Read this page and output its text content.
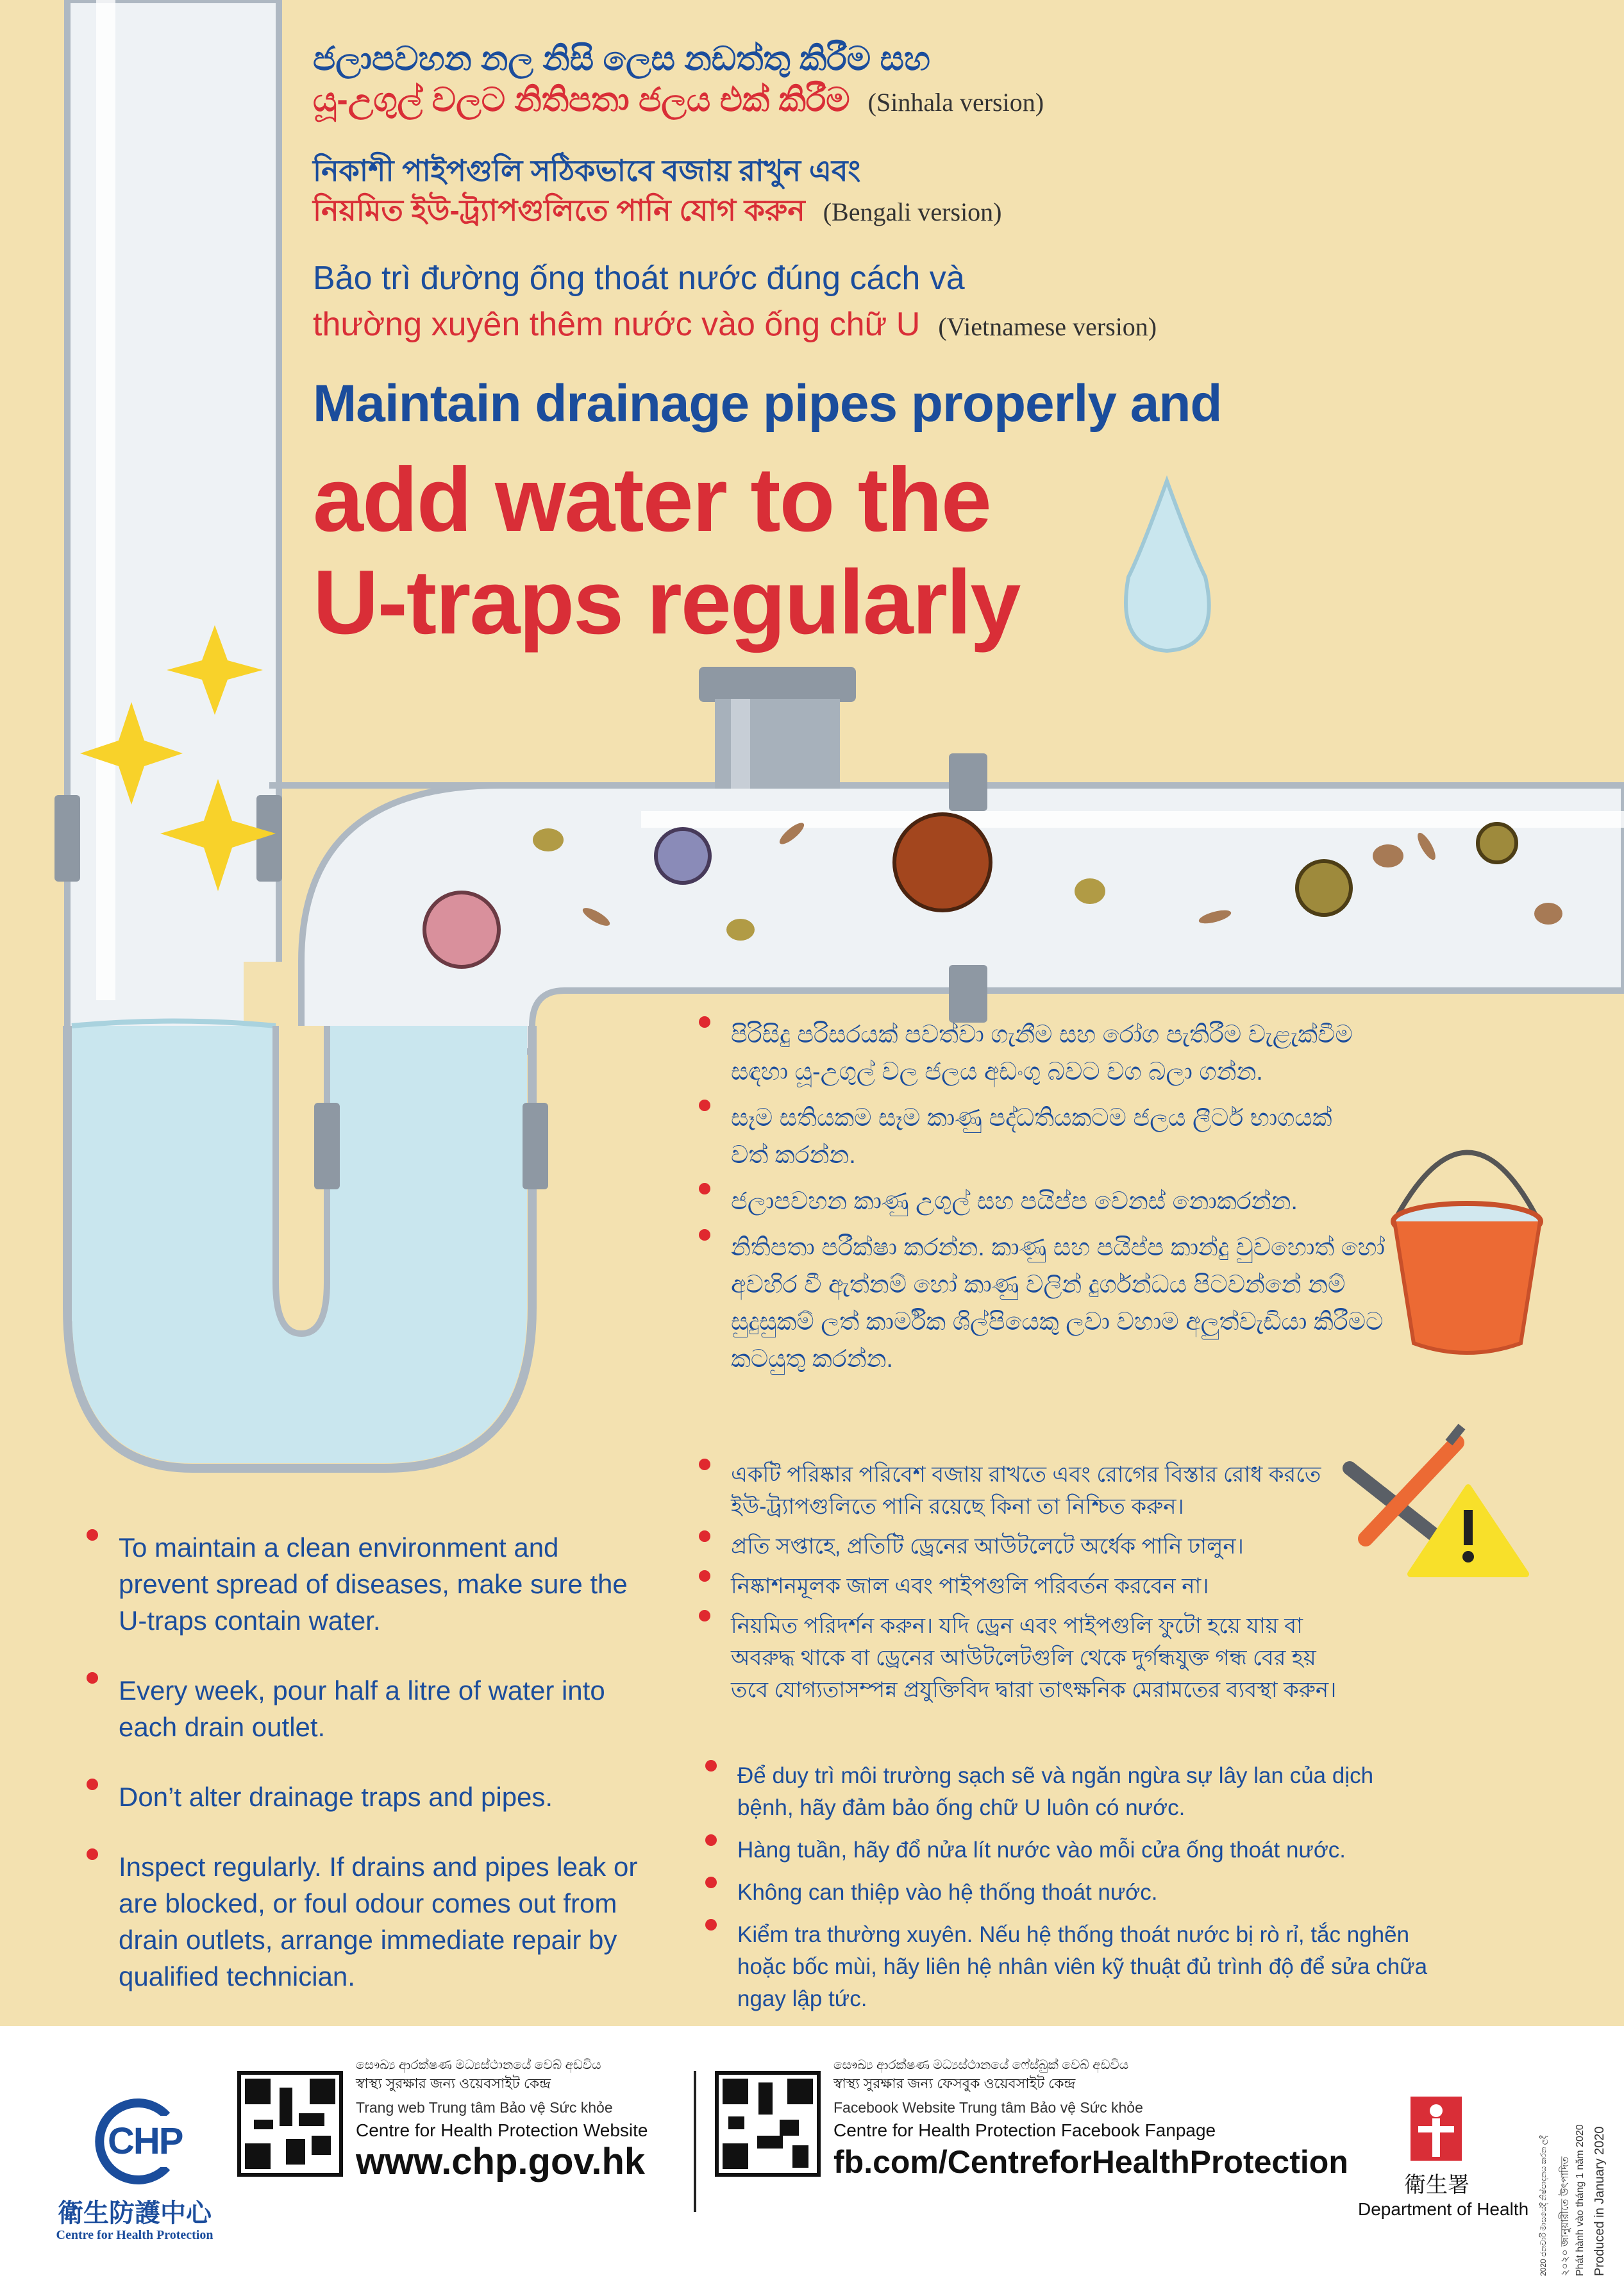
ජලාපවහන නල නිසි ලෙස නඩත්තු කිරීම සහ
යූ-උගුල් වලට නිතිපතා ජලය එක් කිරීම (Sinhala version)
নিকাশী পাইপগুলি সঠিকভাবে বজায় রাখুন এবং
নিয়মিত ইউ-ট্র্যাপগুলিতে পানি যোগ করুন (Bengali version)
Bảo trì đường ống thoát nước đúng cách và
thường xuyên thêm nước vào ống chữ U (Vietnamese version)
Maintain drainage pipes properly and
add water to the
U-traps regularly
පිරිසිදු පරිසරයක් පවත්වා ගැනීම සහ රෝග පැතිරීම වැළැක්වීම සඳහා යූ-උගුල් වල ජලය අඩංගු බවට වග බලා ගන්න.
සෑම සතියකම සෑම කාණු පද්ධතියකටම ජලය ලීටර් භාගයක් වත් කරන්න.
ජලාපවහන කාණු උගුල් සහ පයිප්ප වෙනස් නොකරන්න.
නිතිපතා පරීක්ෂා කරන්න. කාණු සහ පයිප්ප කාන්දු වුවහොත් හෝ අවහිර වී ඇත්නම් හෝ කාණු වලින් දුර්ගන්ධය පිටවන්නේ නම් සුදුසුකම් ලත් කාර්මික ශිල්පියෙකු ලවා වහාම අලුත්වැඩියා කිරීමට කටයුතු කරන්න.
একটি পরিষ্কার পরিবেশ বজায় রাখতে এবং রোগের বিস্তার রোধ করতে ইউ-ট্র্যাপগুলিতে পানি রয়েছে কিনা তা নিশ্চিত করুন।
প্রতি সপ্তাহে, প্রতিটি ড্রেনের আউটলেটে অর্ধেক পানি ঢালুন।
নিষ্কাশনমূলক জাল এবং পাইপগুলি পরিবর্তন করবেন না।
নিয়মিত পরিদর্শন করুন। যদি ড্রেন এবং পাইপগুলি ফুটো হয়ে যায় বা অবরুদ্ধ থাকে বা ড্রেনের আউটলেটগুলি থেকে দুর্গন্ধযুক্ত গন্ধ বের হয় তবে যোগ্যতাসম্পন্ন প্রযুক্তিবিদ দ্বারা তাৎক্ষনিক মেরামতের ব্যবস্থা করুন।
To maintain a clean environment and prevent spread of diseases, make sure the U-traps contain water.
Every week, pour half a litre of water into each drain outlet.
Don’t alter drainage traps and pipes.
Inspect regularly. If drains and pipes leak or are blocked, or foul odour comes out from drain outlets, arrange immediate repair by qualified technician.
Để duy trì môi trường sạch sẽ và ngăn ngừa sự lây lan của dịch bệnh, hãy đảm bảo ống chữ U luôn có nước.
Hàng tuần, hãy đổ nửa lít nước vào mỗi cửa ống thoát nước.
Không can thiệp vào hệ thống thoát nước.
Kiểm tra thường xuyên. Nếu hệ thống thoát nước bị rò rỉ, tắc nghẽn hoặc bốc mùi, hãy liên hệ nhân viên kỹ thuật đủ trình độ để sửa chữa ngay lập tức.
CHP
衛生防護中心
Centre for Health Protection
සෞඛ්‍ය ආරක්ෂණ මධ්‍යස්ථානයේ වෙබ් අඩවිය
স্বাস্থ্য সুরক্ষার জন্য ওয়েবসাইট কেন্দ্র
Trang web Trung tâm Bảo vệ Sức khỏe
Centre for Health Protection Website
www.chp.gov.hk
සෞඛ්‍ය ආරක්ෂණ මධ්‍යස්ථානයේ ෆේස්බුක් වෙබ් අඩවිය
স্বাস্থ্য সুরক্ষার জন্য ফেসবুক ওয়েবসাইট কেন্দ্র
Facebook Website Trung tâm Bảo vệ Sức khỏe
Centre for Health Protection Facebook Fanpage
fb.com/CentreforHealthProtection
衛生署
Department of Health 2020 ජනවාරි මාසයේදී නිෂ්පාදනය කරන ලදී	২০২০ জানুয়ারীতে উৎপাদিত Phát hành vào tháng 1 năm 2020 Produced in January 2020
